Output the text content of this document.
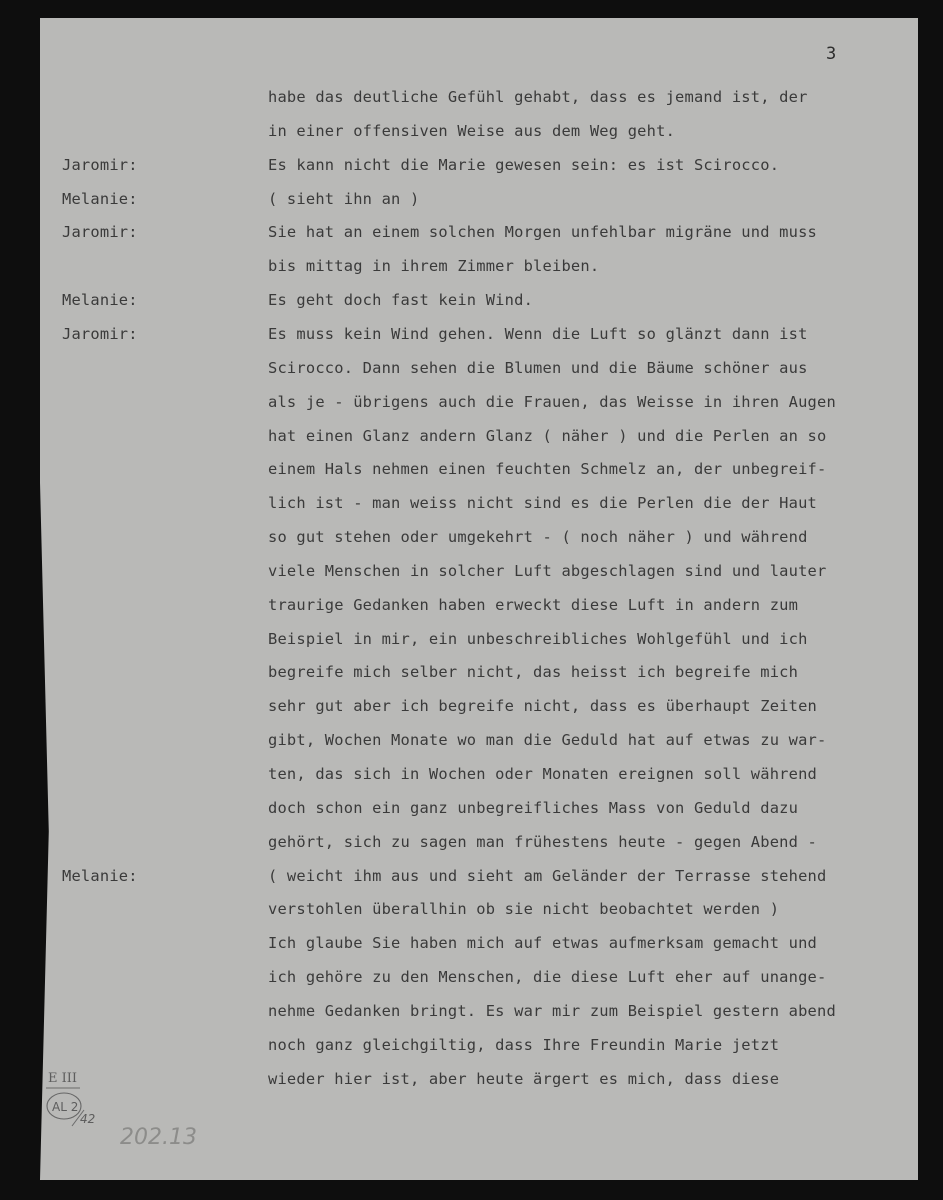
3
habe das deutliche Gefühl gehabt, dass es jemand ist, der
in einer offensiven Weise aus dem Weg geht.
Jaromir:	Es kann nicht die Marie gewesen sein: es ist Scirocco.
Melanie:	( sieht ihn an )
Jaromir:	Sie hat an einem solchen Morgen unfehlbar migräne und muss
bis mittag in ihrem Zimmer bleiben.
Melanie:	Es geht doch fast kein Wind.
Jaromir:	Es muss kein Wind gehen. Wenn die Luft so glänzt dann ist
Scirocco. Dann sehen die Blumen und die Bäume schöner aus
als je - übrigens auch die Frauen, das Weisse in ihren Augen
hat einen Glanz andern Glanz ( näher ) und die Perlen an so
einem Hals nehmen einen feuchten Schmelz an, der unbegreif-
lich ist - man weiss nicht sind es die Perlen die der Haut
so gut stehen oder umgekehrt - ( noch näher ) und während
viele Menschen in solcher Luft abgeschlagen sind und lauter
traurige Gedanken haben erweckt diese Luft in andern zum
Beispiel in mir, ein unbeschreibliches Wohlgefühl und ich
begreife mich selber nicht, das heisst ich begreife mich
sehr gut aber ich begreife nicht, dass es überhaupt Zeiten
gibt, Wochen Monate wo man die Geduld hat auf etwas zu war-
ten, das sich in Wochen oder Monaten ereignen soll während
doch schon ein ganz unbegreifliches Mass von Geduld dazu
gehört, sich zu sagen man frühestens heute - gegen Abend -
Melanie:	( weicht ihm aus und sieht am Geländer der Terrasse stehend
verstohlen überallhin ob sie nicht beobachtet werden )
Ich glaube Sie haben mich auf etwas aufmerksam gemacht und
ich gehöre zu den Menschen, die diese Luft eher auf unange-
nehme Gedanken bringt. Es war mir zum Beispiel gestern abend
noch ganz gleichgiltig, dass Ihre Freundin Marie jetzt
wieder hier ist, aber heute ärgert es mich, dass diese
E III
AL 2
42
202.13
